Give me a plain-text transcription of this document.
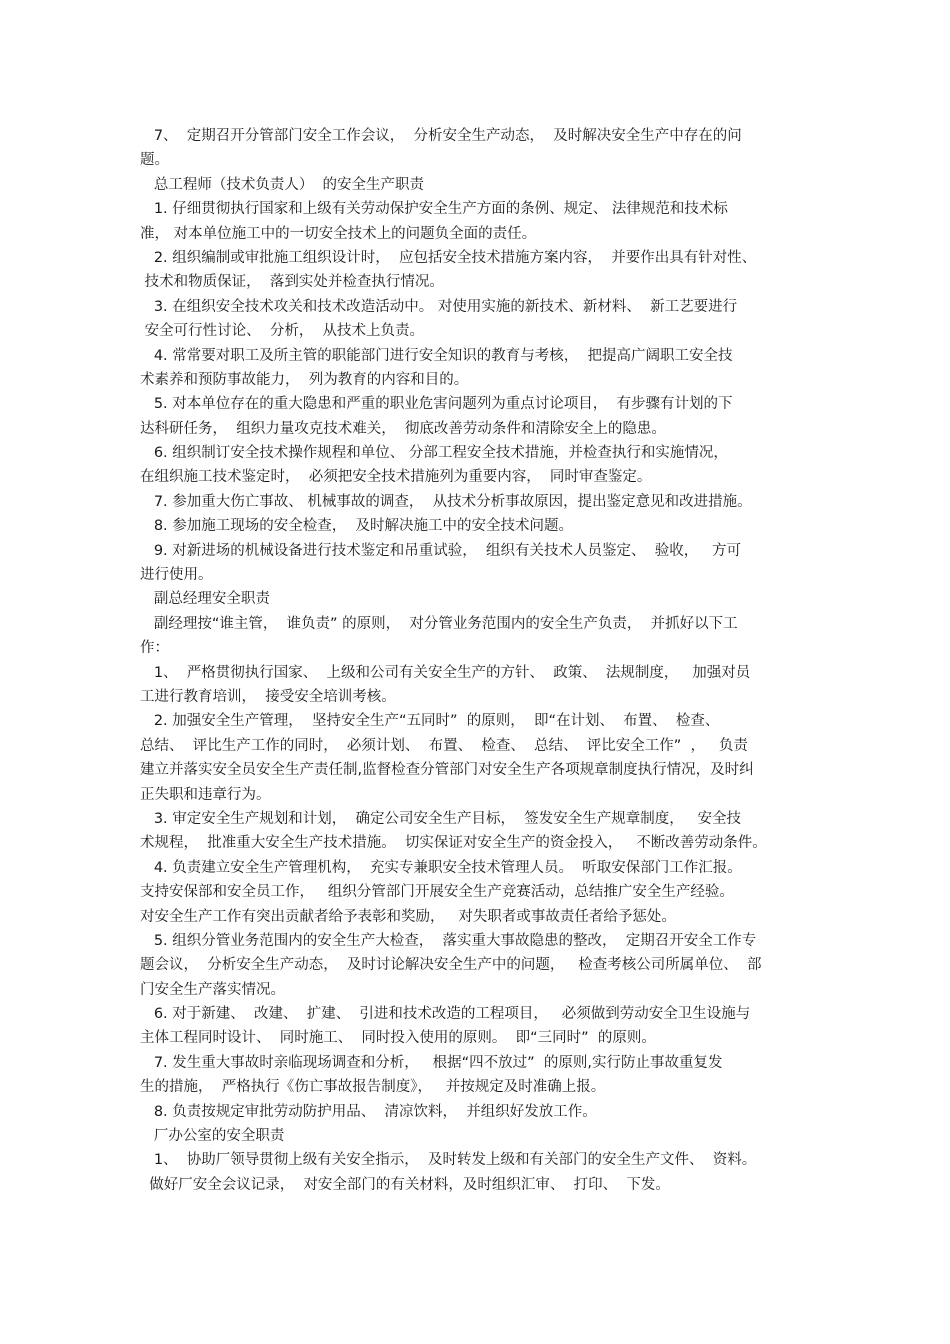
7、  定期召开分管部门安全工作会议，  分析安全生产动态，  及时解决安全生产中存在的问
题。
总工程师（技术负责人）  的安全生产职责
1. 仔细贯彻执行国家和上级有关劳动保护安全生产方面的条例、规定、 法律规范和技术标
准， 对本单位施工中的一切安全技术上的问题负全面的责任。
2. 组织编制或审批施工组织设计时，  应包括安全技术措施方案内容，  并要作出具有针对性、
技术和物质保证，  落到实处并检查执行情况。
3. 在组织安全技术攻关和技术改造活动中。 对使用实施的新技术、新材料、  新工艺要进行
安全可行性讨论、  分析，  从技术上负责。
4. 常常要对职工及所主管的职能部门进行安全知识的教育与考核，  把提高广阔职工安全技
术素养和预防事故能力，  列为教育的内容和目的。
5. 对本单位存在的重大隐患和严重的职业危害问题列为重点讨论项目，  有步骤有计划的下
达科研任务，  组织力量攻克技术难关，  彻底改善劳动条件和清除安全上的隐患。
6. 组织制订安全技术操作规程和单位、 分部工程安全技术措施，并检查执行和实施情况，
在组织施工技术鉴定时，  必须把安全技术措施列为重要内容，  同时审查鉴定。
7. 参加重大伤亡事故、 机械事故的调查，  从技术分析事故原因，提出鉴定意见和改进措施。
8. 参加施工现场的安全检查，  及时解决施工中的安全技术问题。
9. 对新进场的机械设备进行技术鉴定和吊重试验，  组织有关技术人员鉴定、  验收，   方可
进行使用。
副总经理安全职责
副经理按“谁主管，  谁负责” 的原则，  对分管业务范围内的安全生产负责，  并抓好以下工
作：
1、  严格贯彻执行国家、  上级和公司有关安全生产的方针、  政策、  法规制度，   加强对员
工进行教育培训，  接受安全培训考核。
2. 加强安全生产管理，  坚持安全生产“五同时”  的原则，  即“在计划、  布置、  检查、
总结、  评比生产工作的同时，  必须计划、  布置、  检查、  总结、  评比安全工作”  ，   负责
建立并落实安全员安全生产责任制,监督检查分管部门对安全生产各项规章制度执行情况，及时纠
正失职和违章行为。
3. 审定安全生产规划和计划，  确定公司安全生产目标，  签发安全生产规章制度，   安全技
术规程，  批准重大安全生产技术措施。  切实保证对安全生产的资金投入，   不断改善劳动条件。
4. 负责建立安全生产管理机构，  充实专兼职安全技术管理人员。  听取安保部门工作汇报。
支持安保部和安全员工作，   组织分管部门开展安全生产竞赛活动，总结推广安全生产经验。
对安全生产工作有突出贡献者给予表彰和奖励，   对失职者或事故责任者给予惩处。
5. 组织分管业务范围内的安全生产大检查，  落实重大事故隐患的整改，  定期召开安全工作专
题会议，  分析安全生产动态，  及时讨论解决安全生产中的问题，   检查考核公司所属单位、  部
门安全生产落实情况。
6. 对于新建、  改建、  扩建、  引进和技术改造的工程项目，   必须做到劳动安全卫生设施与
主体工程同时设计、  同时施工、  同时投入使用的原则。  即“三同时”  的原则。
7. 发生重大事故时亲临现场调查和分析，   根据“四不放过”  的原则,实行防止事故重复发
生的措施，  严格执行《伤亡事故报告制度》，   并按规定及时准确上报。
8. 负责按规定审批劳动防护用品、  清凉饮料，  并组织好发放工作。
厂办公室的安全职责
1、  协助厂领导贯彻上级有关安全指示，  及时转发上级和有关部门的安全生产文件、  资料。
做好厂安全会议记录，  对安全部门的有关材料，及时组织汇审、  打印、  下发。
